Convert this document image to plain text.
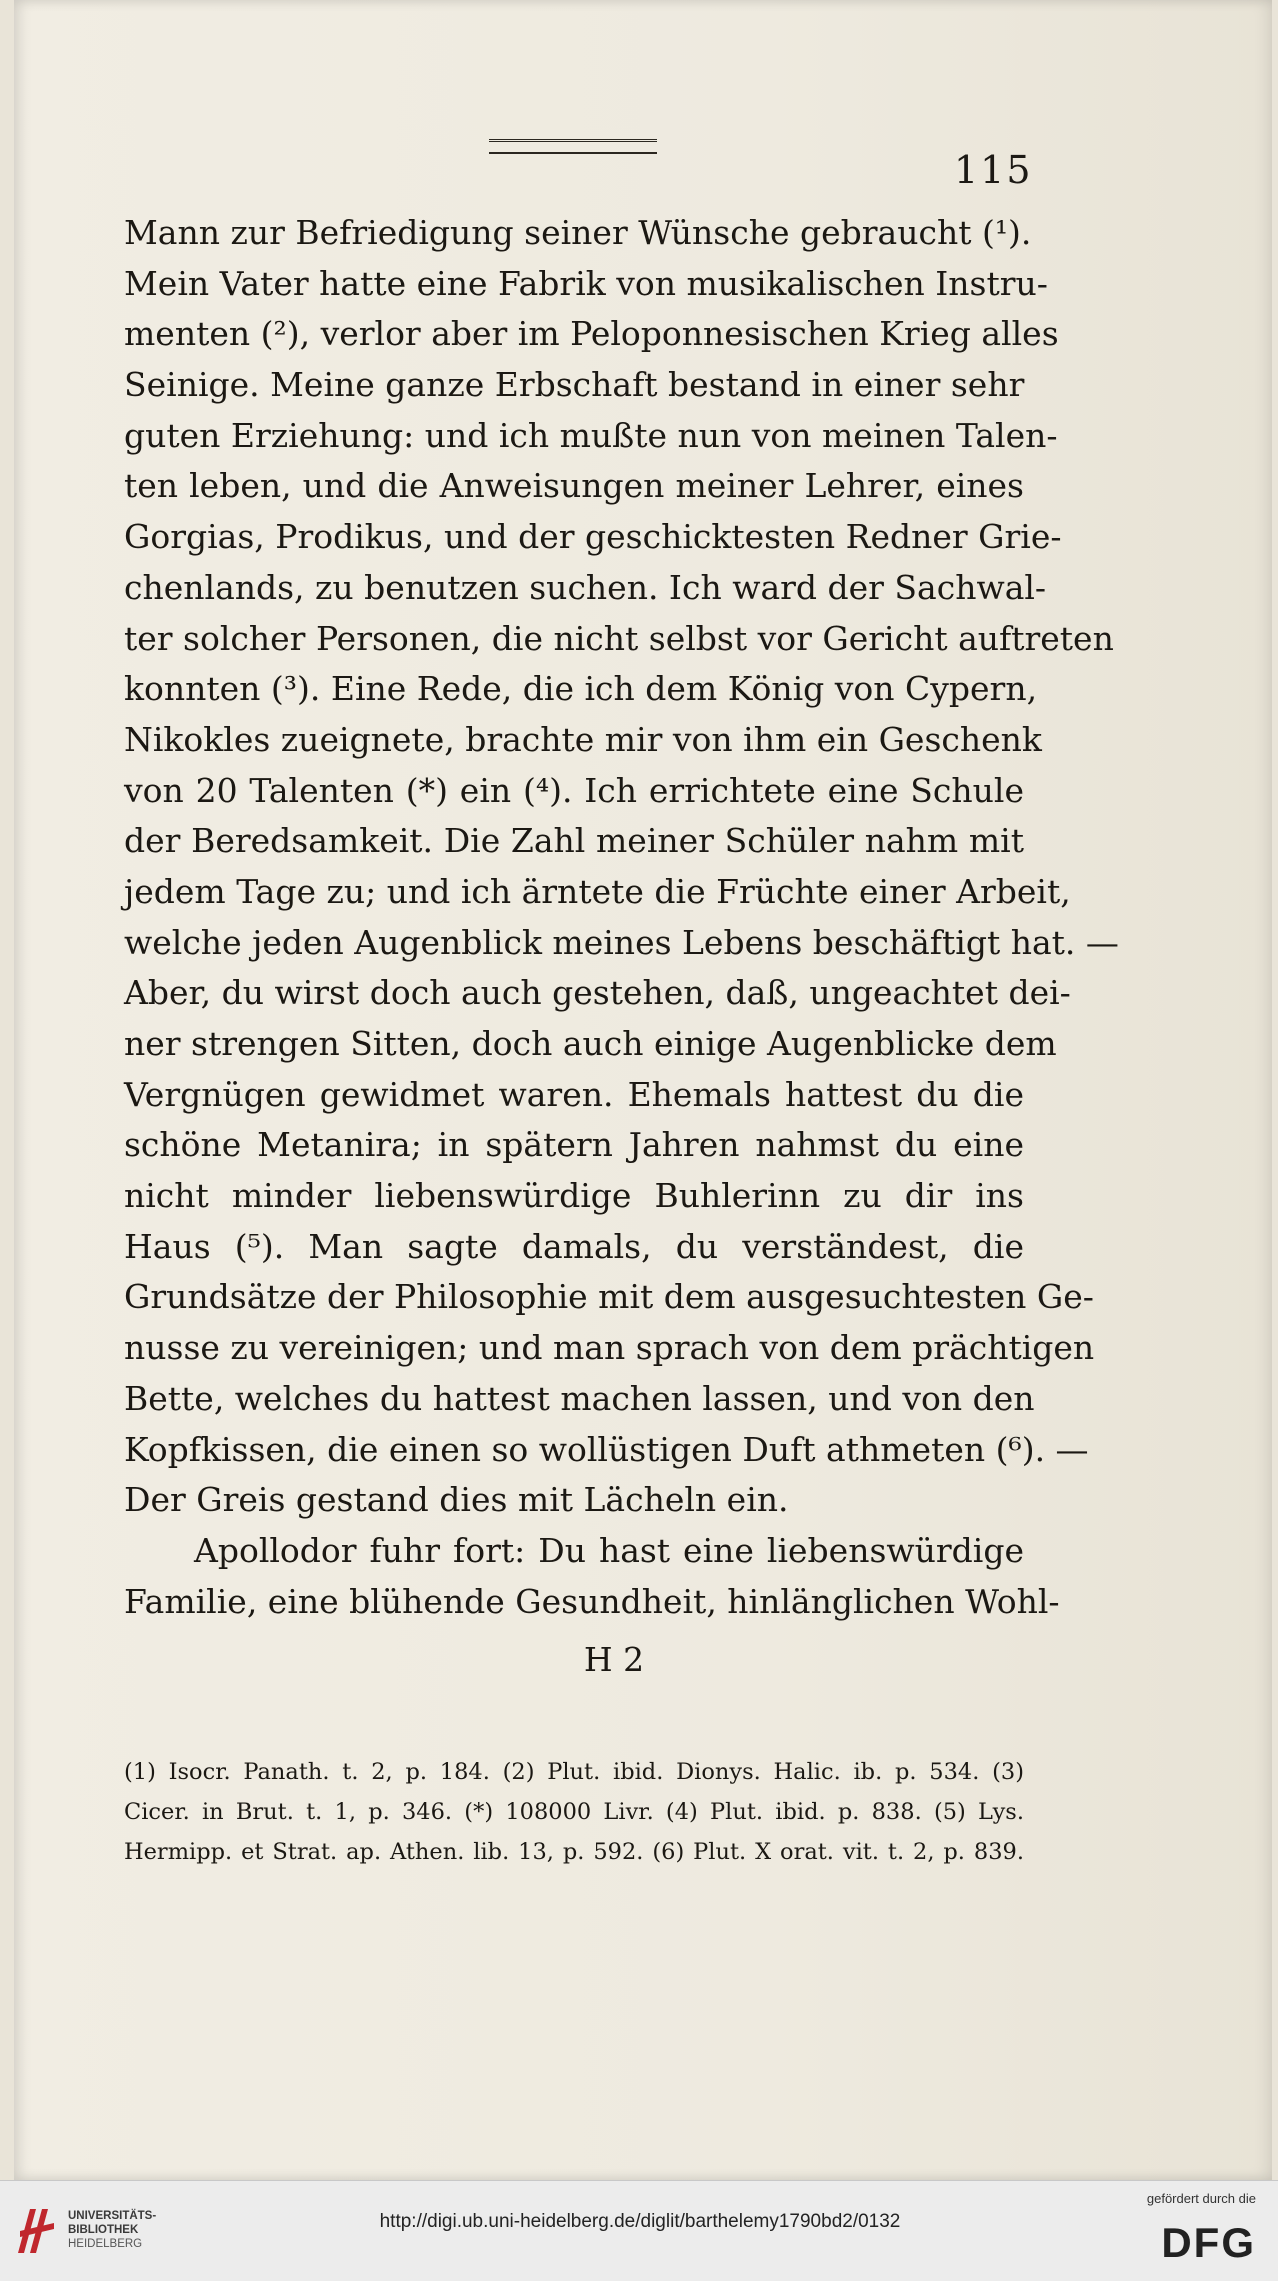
115
Mann zur Befriedigung seiner Wünsche gebraucht (¹).
Mein Vater hatte eine Fabrik von musikalischen Instru-
menten (²), verlor aber im Peloponnesischen Krieg alles
Seinige. Meine ganze Erbschaft bestand in einer sehr
guten Erziehung: und ich mußte nun von meinen Talen-
ten leben, und die Anweisungen meiner Lehrer, eines
Gorgias, Prodikus, und der geschicktesten Redner Grie-
chenlands, zu benutzen suchen. Ich ward der Sachwal-
ter solcher Personen, die nicht selbst vor Gericht auftreten
konnten (³). Eine Rede, die ich dem König von Cypern,
Nikokles zueignete, brachte mir von ihm ein Geschenk
von 20 Talenten (*) ein (⁴). Ich errichtete eine Schule
der Beredsamkeit. Die Zahl meiner Schüler nahm mit
jedem Tage zu; und ich ärntete die Früchte einer Arbeit,
welche jeden Augenblick meines Lebens beschäftigt hat. —
Aber, du wirst doch auch gestehen, daß, ungeachtet dei-
ner strengen Sitten, doch auch einige Augenblicke dem
Vergnügen gewidmet waren. Ehemals hattest du die
schöne Metanira; in spätern Jahren nahmst du eine
nicht minder liebenswürdige Buhlerinn zu dir ins
Haus (⁵). Man sagte damals, du verständest, die
Grundsätze der Philosophie mit dem ausgesuchtesten Ge-
nusse zu vereinigen; und man sprach von dem prächtigen
Bette, welches du hattest machen lassen, und von den
Kopfkissen, die einen so wollüstigen Duft athmeten (⁶). —
Der Greis gestand dies mit Lächeln ein.
Apollodor fuhr fort: Du hast eine liebenswürdige
Familie, eine blühende Gesundheit, hinlänglichen Wohl-
H 2
(1) Isocr. Panath. t. 2, p. 184. (2) Plut. ibid. Dionys. Halic. ib. p. 534. (3)
Cicer. in Brut. t. 1, p. 346. (*) 108000 Livr. (4) Plut. ibid. p. 838. (5) Lys.
Hermipp. et Strat. ap. Athen. lib. 13, p. 592. (6) Plut. X orat. vit. t. 2, p. 839.
UNIVERSITÄTS-
BIBLIOTHEK
HEIDELBERG
http://digi.ub.uni-heidelberg.de/diglit/barthelemy1790bd2/0132
gefördert durch die
DFG
